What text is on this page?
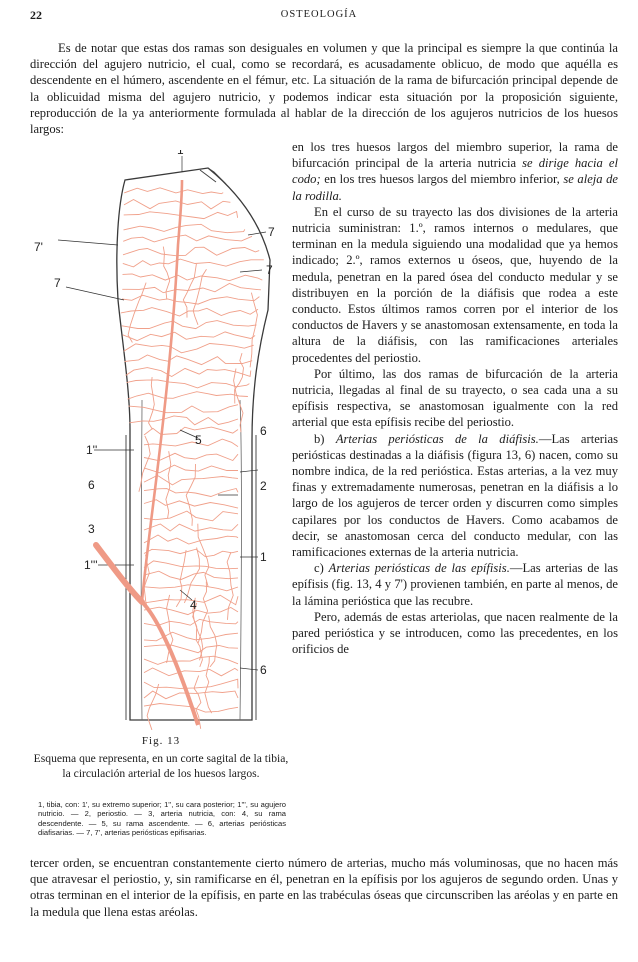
22	OSTEOLOGÍA

Es de notar que estas dos ramas son desiguales en volumen y que la principal es siempre la que continúa la dirección del agujero nutricio, el cual, como se recordará, es acusadamente oblicuo, de modo que aquélla es descendente en el húmero, ascendente en el fémur, etc. La situación de la rama de bifurcación principal depende de la oblicuidad misma del agujero nutricio, y podemos indicar esta situación por la proposición siguiente, reproducción de la ya anteriormente formulada al hablar de la dirección de los agujeros nutricios de los huesos largos:

1'
7'
7
7
7
1''
5
6
6	2
3
1'''
1
4
6
Fig. 13
Esquema que representa, en un corte sagital de la tibia, la circulación arterial de los huesos largos.
1, tibia, con: 1', su extremo superior; 1'', su cara posterior; 1''', su agujero nutricio. — 2, periostio. — 3, arteria nutricia, con: 4, su rama descendente. — 5, su rama ascendente. — 6, arterias periósticas diafisarias. — 7, 7', arterias periósticas epifisarias.

en los tres huesos largos del miembro superior, la rama de bifurcación principal de la arteria nutricia se dirige hacia el codo; en los tres huesos largos del miembro inferior, se aleja de la rodilla.

En el curso de su trayecto las dos divisiones de la arteria nutricia suministran: 1.º, ramos internos o medulares, que terminan en la medula siguiendo una modalidad que ya hemos indicado; 2.º, ramos externos u óseos, que, huyendo de la medula, penetran en la pared ósea del conducto medular y se distribuyen en la porción de la diáfisis que rodea a este conducto. Estos últimos ramos corren por el interior de los conductos de Havers y se anastomosan extensamente, en toda la altura de la diáfisis, con las ramificaciones arteriales procedentes del periostio.

Por último, las dos ramas de bifurcación de la arteria nutricia, llegadas al final de su trayecto, o sea cada una a su epífisis respectiva, se anastomosan igualmente con la red arterial que esta epífisis recibe del periostio.

b) Arterias periósticas de la diáfisis.—Las arterias periósticas destinadas a la diáfisis (figura 13, 6) nacen, como su nombre indica, de la red perióstica. Estas arterias, a la vez muy finas y extremadamente numerosas, penetran en la diáfisis a lo largo de los agujeros de tercer orden y discurren como simples capilares por los conductos de Havers. Como acabamos de decir, se anastomosan cerca del conducto medular, con las ramificaciones externas de la arteria nutricia.

c) Arterias periósticas de las epífisis.—Las arterias de las epífisis (fig. 13, 4 y 7') provienen también, en parte al menos, de la lámina perióstica que las recubre.

Pero, además de estas arteriolas, que nacen realmente de la pared perióstica y se introducen, como las precedentes, en los orificios de

tercer orden, se encuentran constantemente cierto número de arterias, mucho más voluminosas, que no hacen más que atravesar el periostio, y, sin ramificarse en él, penetran en la epífisis por los agujeros de segundo orden. Unas y otras terminan en el interior de la epífisis, en parte en las trabéculas óseas que circunscriben las aréolas y en parte en la medula que llena estas aréolas.
